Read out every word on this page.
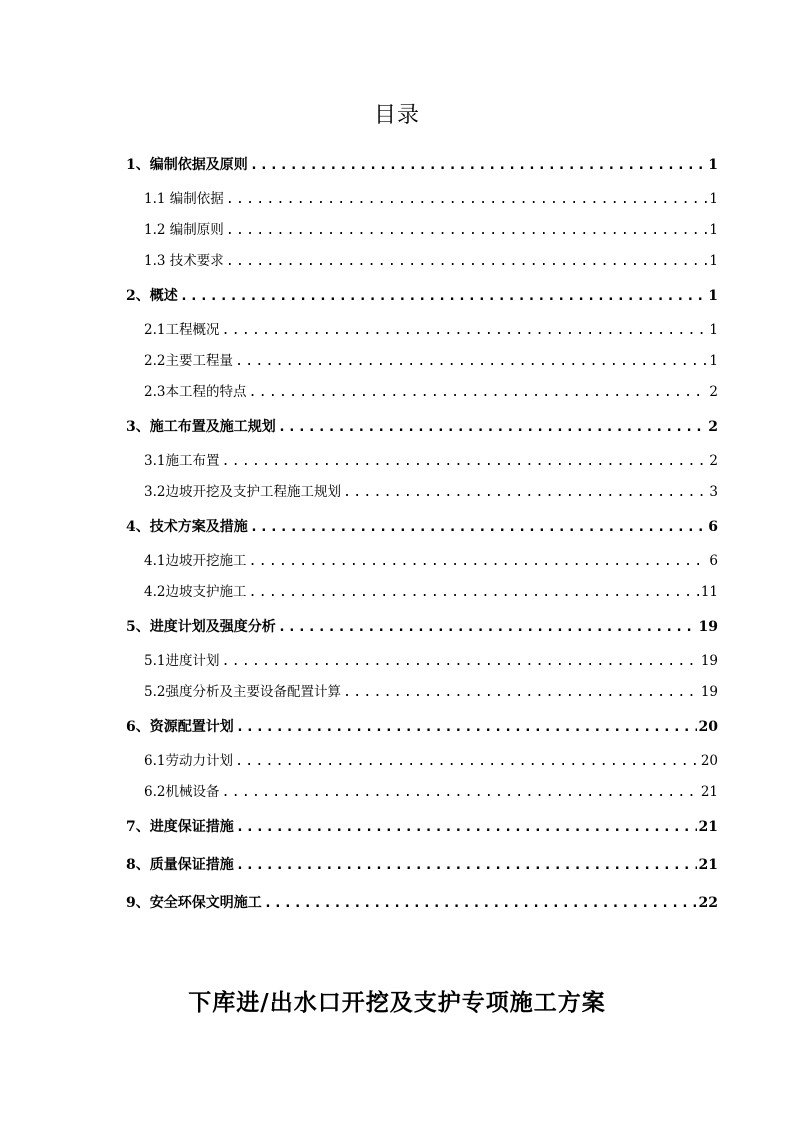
目录
1、编制依据及原则 .....	1
1.1 编制依据 .....	1
1.2 编制原则 .....	1
1.3 技术要求 .....	1
2、概述 .....	1
2.1工程概况 .....	1
2.2主要工程量 .....	1
2.3本工程的特点 .....	2
3、施工布置及施工规划 .....	2
3.1施工布置 .....	2
3.2边坡开挖及支护工程施工规划 .....	3
4、技术方案及措施 .....	6
4.1边坡开挖施工 .....	6
4.2边坡支护施工 .....	11
5、进度计划及强度分析 .....	19
5.1进度计划 .....	19
5.2强度分析及主要设备配置计算 .....	19
6、资源配置计划 .....	20
6.1劳动力计划 .....	20
6.2机械设备 .....	21
7、进度保证措施 .....	21
8、质量保证措施 .....	21
9、安全环保文明施工 .....	22
下库进/出水口开挖及支护专项施工方案
